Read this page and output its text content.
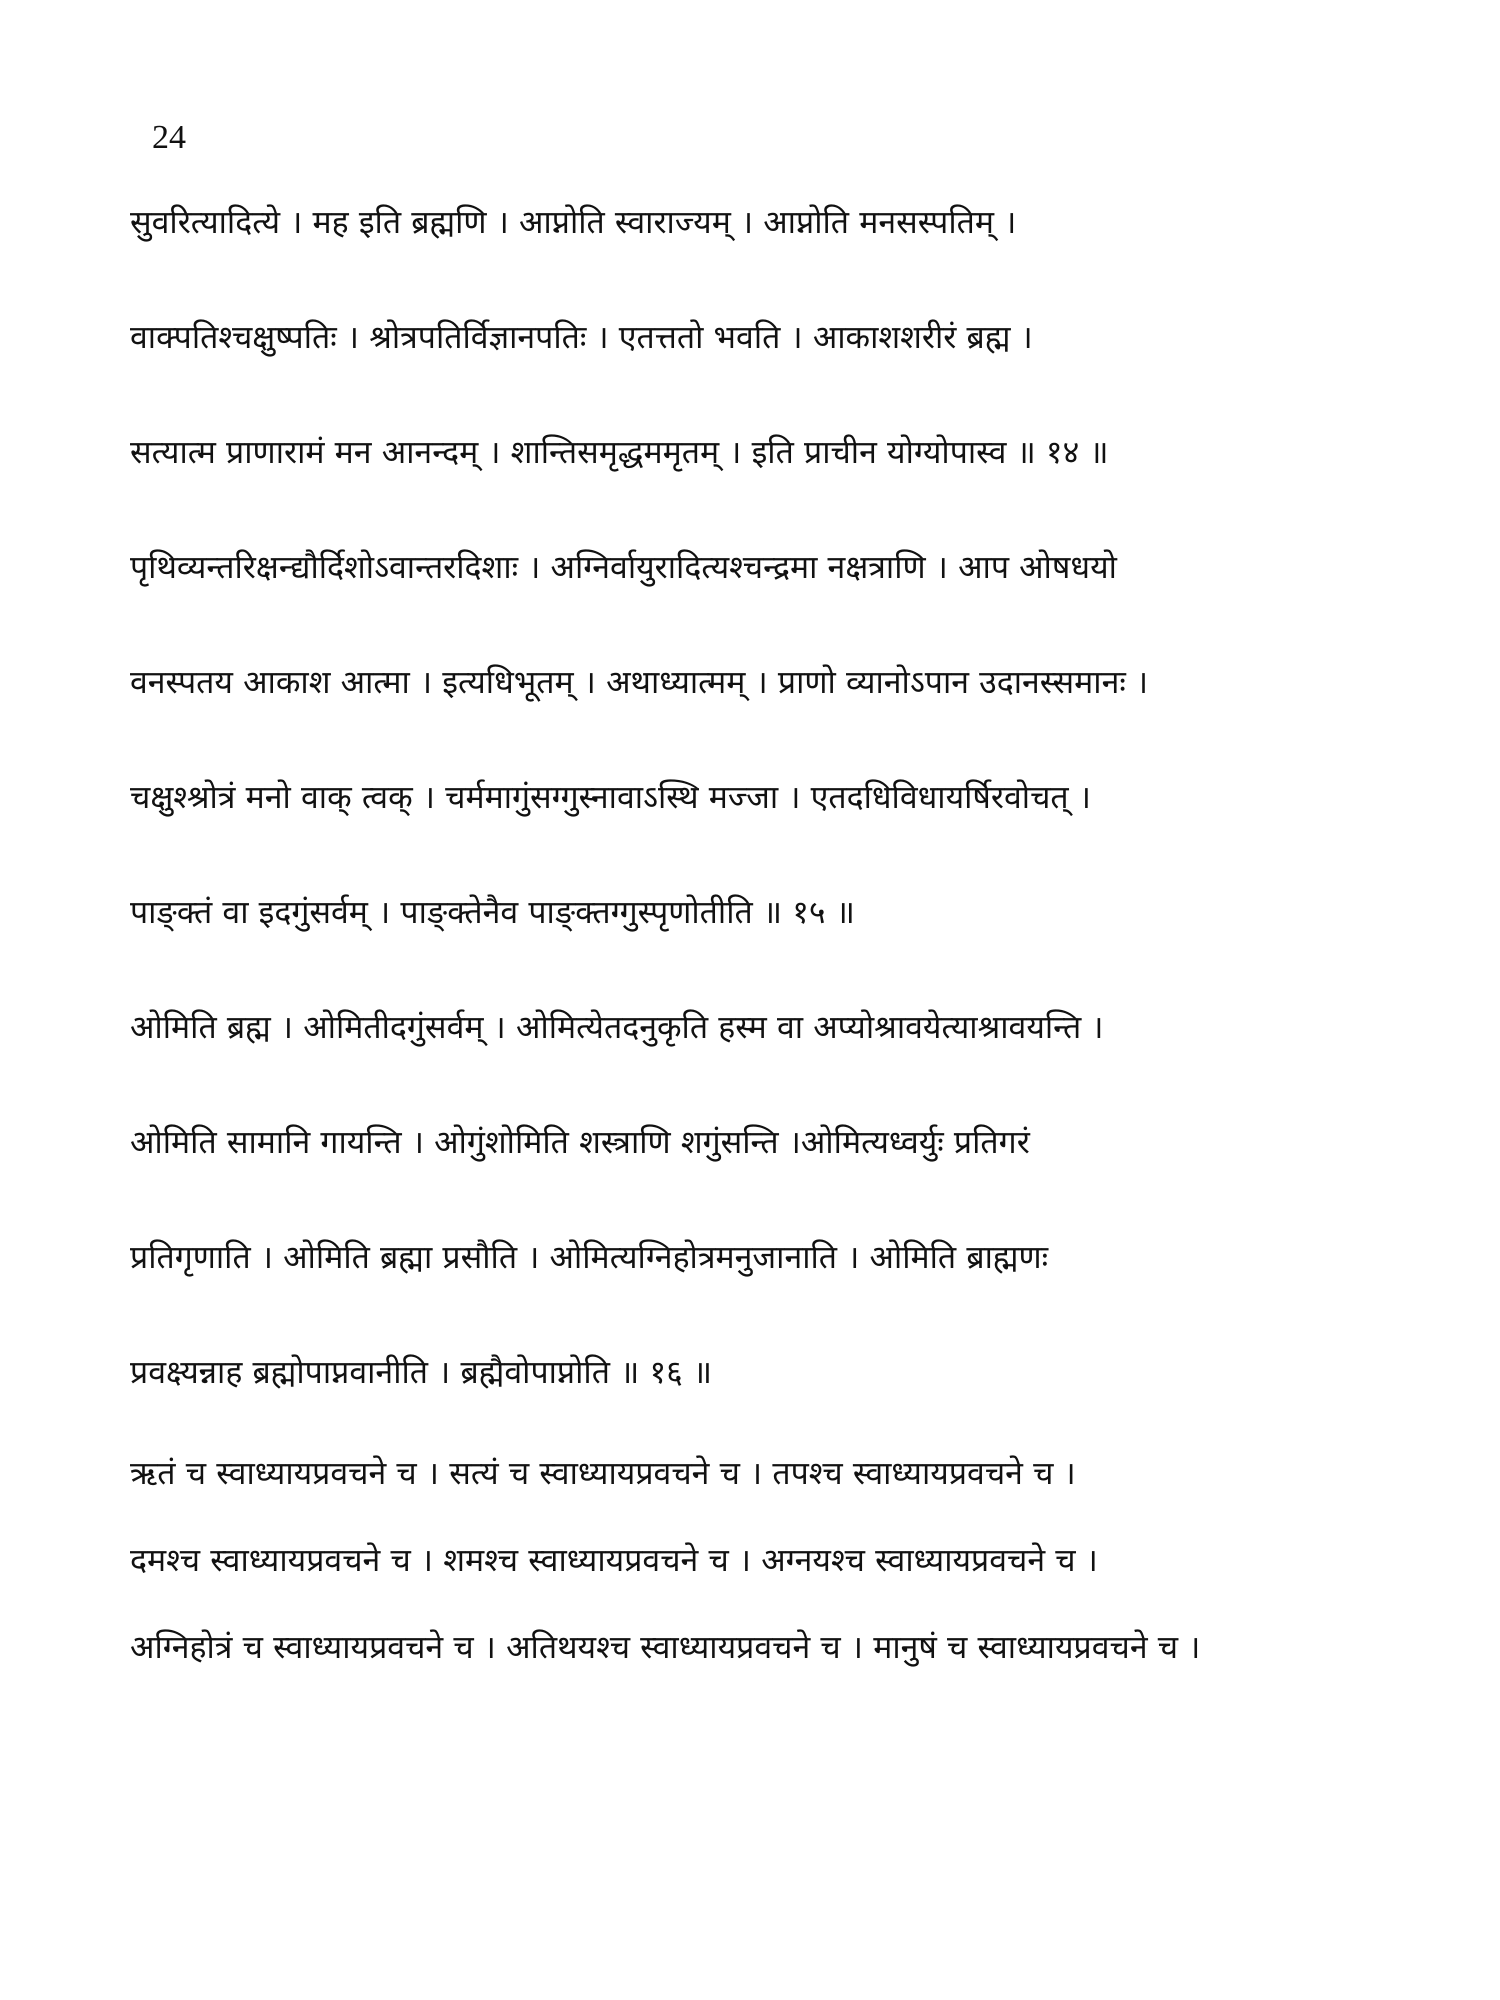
24
सुवरित्यादित्ये । मह इति ब्रह्मणि । आप्नोति स्वाराज्यम् । आप्नोति मनसस्पतिम् ।
वाक्पतिश्चक्षुष्पतिः । श्रोत्रपतिर्विज्ञानपतिः । एतत्ततो भवति । आकाशशरीरं ब्रह्म ।
सत्यात्म प्राणारामं मन आनन्दम् । शान्तिसमृद्धममृतम् । इति प्राचीन योग्योपास्व ॥ १४ ॥
पृथिव्यन्तरिक्षन्द्यौर्दिशोऽवान्तरदिशाः । अग्निर्वायुरादित्यश्चन्द्रमा नक्षत्राणि । आप ओषधयो
वनस्पतय आकाश आत्मा । इत्यधिभूतम् । अथाध्यात्मम् । प्राणो व्यानोऽपान उदानस्समानः ।
चक्षुश्श्रोत्रं मनो वाक् त्वक् । चर्ममागुंसग्गुस्नावाऽस्थि मज्जा । एतदधिविधायर्षिरवोचत् ।
पाङ्क्तं वा इदगुंसर्वम् । पाङ्क्तेनैव पाङ्क्तग्गुस्पृणोतीति ॥ १५ ॥
ओमिति ब्रह्म । ओमितीदगुंसर्वम् । ओमित्येतदनुकृति हस्म वा अप्योश्रावयेत्याश्रावयन्ति ।
ओमिति सामानि गायन्ति । ओगुंशोमिति शस्त्राणि शगुंसन्ति ।ओमित्यध्वर्युः प्रतिगरं
प्रतिगृणाति । ओमिति ब्रह्मा प्रसौति । ओमित्यग्निहोत्रमनुजानाति । ओमिति ब्राह्मणः
प्रवक्ष्यन्नाह ब्रह्मोपाप्नवानीति । ब्रह्मैवोपाप्नोति ॥ १६ ॥
ऋतं च स्वाध्यायप्रवचने च । सत्यं च स्वाध्यायप्रवचने च । तपश्च स्वाध्यायप्रवचने च ।
दमश्च स्वाध्यायप्रवचने च । शमश्च स्वाध्यायप्रवचने च । अग्नयश्च स्वाध्यायप्रवचने च ।
अग्निहोत्रं च स्वाध्यायप्रवचने च । अतिथयश्च स्वाध्यायप्रवचने च । मानुषं च स्वाध्यायप्रवचने च ।
